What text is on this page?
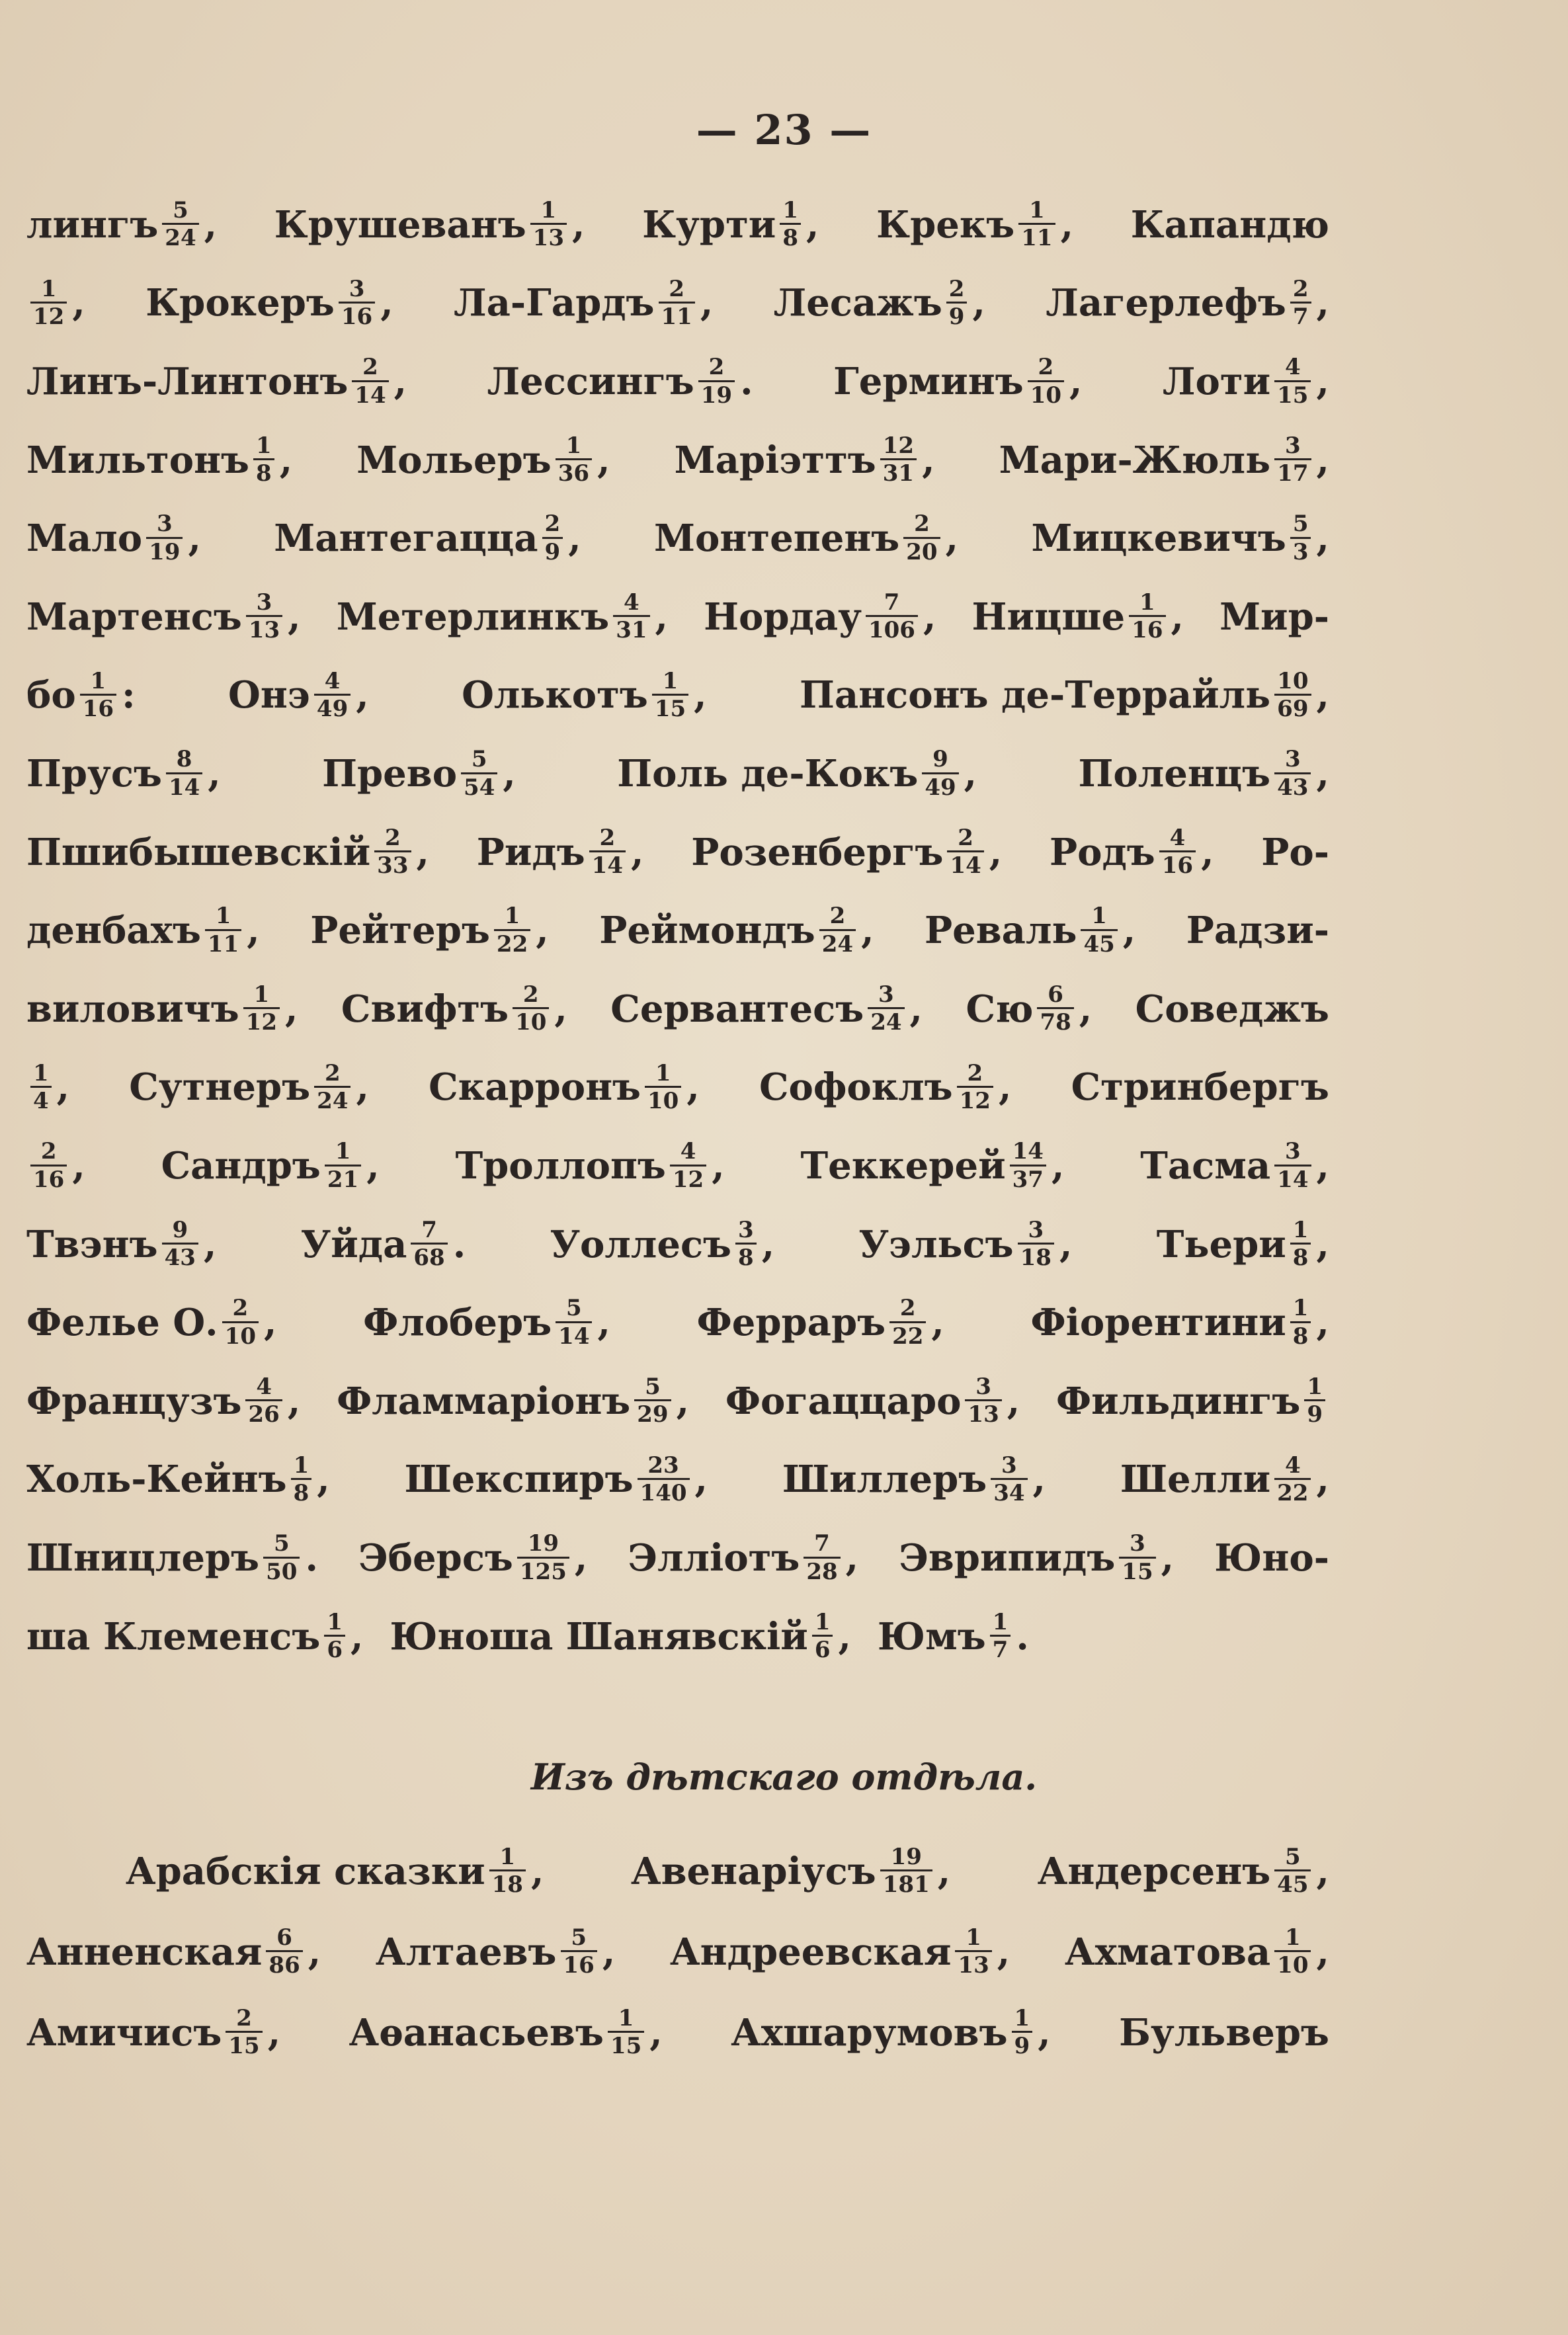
— 23 —
лингъ $\frac{5}{24}$ , Крушеванъ $\frac{1}{13}$ , Курти $\frac{1}{8}$ , Крекъ $\frac{1}{11}$ , Капандю
$\frac{1}{12}$ , Крокеръ $\frac{3}{16}$ , Ла-Гардъ $\frac{2}{11}$ , Лесажъ $\frac{2}{9}$ , Лагерлефъ $\frac{2}{7}$ ,
Линъ-Линтонъ $\frac{2}{14}$ , Лессингъ $\frac{2}{19}$ . Герминъ $\frac{2}{10}$ , Лоти $\frac{4}{15}$ ,
Мильтонъ $\frac{1}{8}$ , Мольеръ $\frac{1}{36}$ , Маріэттъ $\frac{12}{31}$ , Мари-Жюль $\frac{3}{17}$ ,
Мало $\frac{3}{19}$ , Мантегацца $\frac{2}{9}$ , Монтепенъ $\frac{2}{20}$ , Мицкевичъ $\frac{5}{3}$ ,
Мартенсъ $\frac{3}{13}$ , Метерлинкъ $\frac{4}{31}$ , Нордау $\frac{7}{106}$ , Ницше $\frac{1}{16}$ , Мир-
бо $\frac{1}{16}$ :	Онэ $\frac{4}{49}$ ,	Олькотъ $\frac{1}{15}$ ,	Пансонъ де-Террайль $\frac{10}{69}$ ,
Прусъ $\frac{8}{14}$ ,	Прево $\frac{5}{54}$ ,	Поль де-Кокъ $\frac{9}{49}$ ,	Поленцъ $\frac{3}{43}$ ,
Пшибышевскій $\frac{2}{33}$ , Ридъ $\frac{2}{14}$ , Розенбергъ $\frac{2}{14}$ , Родъ $\frac{4}{16}$ , Ро-
денбахъ $\frac{1}{11}$ , Рейтеръ $\frac{1}{22}$ , Реймондъ $\frac{2}{24}$ , Реваль $\frac{1}{45}$ , Радзи-
виловичъ $\frac{1}{12}$ , Свифтъ $\frac{2}{10}$ , Сервантесъ $\frac{3}{24}$ , Сю $\frac{6}{78}$ , Соведжъ
$\frac{1}{4}$ , Сутнеръ $\frac{2}{24}$ , Скарронъ $\frac{1}{10}$ , Софоклъ $\frac{2}{12}$ , Стринбергъ
$\frac{2}{16}$ , Сандръ $\frac{1}{21}$ , Троллопъ $\frac{4}{12}$ , Теккерей $\frac{14}{37}$ , Тасма $\frac{3}{14}$ ,
Твэнъ $\frac{9}{43}$ , Уйда $\frac{7}{68}$ . Уоллесъ $\frac{3}{8}$ , Уэльсъ $\frac{3}{18}$ , Тьери $\frac{1}{8}$ ,
Фелье О. $\frac{2}{10}$ , Флоберъ $\frac{5}{14}$ , Ферраръ $\frac{2}{22}$ , Фіорентини $\frac{1}{8}$ ,
Французъ $\frac{4}{26}$ , Фламмаріонъ $\frac{5}{29}$ , Фогаццаро $\frac{3}{13}$ , Фильдингъ $\frac{1}{9}$
Холь-Кейнъ $\frac{1}{8}$ , Шекспиръ $\frac{23}{140}$ , Шиллеръ $\frac{3}{34}$ , Шелли $\frac{4}{22}$ ,
Шницлеръ $\frac{5}{50}$ . Эберсъ $\frac{19}{125}$ , Эллiотъ $\frac{7}{28}$ , Эврипидъ $\frac{3}{15}$ , Юно-
ша Клеменсъ $\frac{1}{6}$ , Юноша Шанявскій $\frac{1}{6}$ , Юмъ $\frac{1}{7}$ .
Арабскія сказки $\frac{1}{18}$ , Авенаріусъ $\frac{19}{181}$ , Андерсенъ $\frac{5}{45}$ ,
Анненская $\frac{6}{86}$ , Алтаевъ $\frac{5}{16}$ , Андреевская $\frac{1}{13}$ , Ахматова $\frac{1}{10}$ ,
Амичисъ $\frac{2}{15}$ , Аѳанасьевъ $\frac{1}{15}$ , Ахшарумовъ $\frac{1}{9}$ , Бульверъ
Изъ дѣтскаго отдѣла.
